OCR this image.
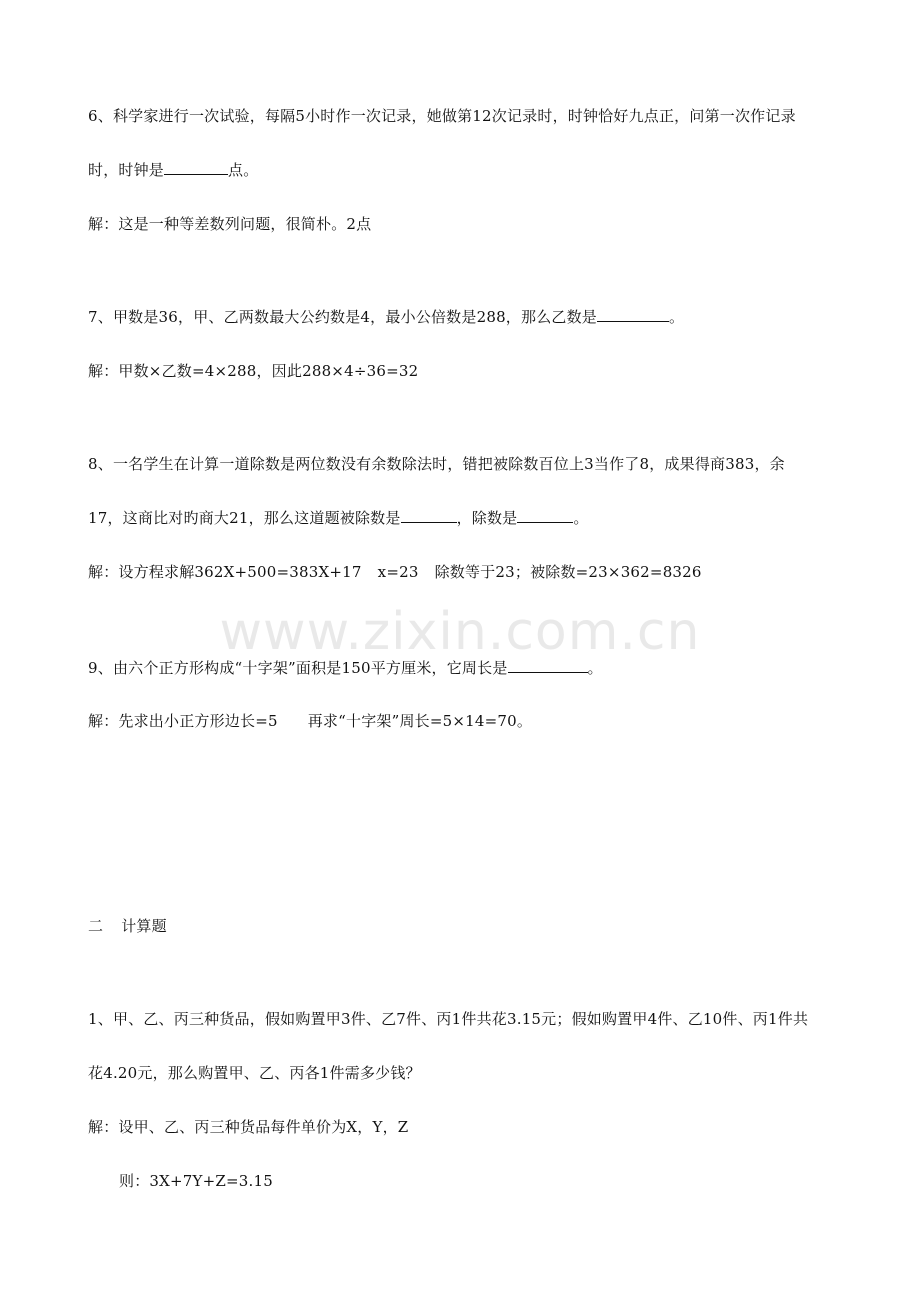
www.zixin.com.cn
6、科学家进行一次试验，每隔5小时作一次记录，她做第12次记录时，时钟恰好九点正，问第一次作记录
时，时钟是	点。
解：这是一种等差数列问题，很简朴。2点
7、甲数是36，甲、乙两数最大公约数是4，最小公倍数是288，那么乙数是	。
解：甲数×乙数=4×288，因此288×4÷36=32
8、一名学生在计算一道除数是两位数没有余数除法时，错把被除数百位上3当作了8，成果得商383，余
17，这商比对旳商大21，那么这道题被除数是	，除数是	。
解：设方程求解362X+500=383X+17 x=23 除数等于23；被除数=23×362=8326
9、由六个正方形构成“十字架”面积是150平方厘米，它周长是	。
解：先求出小正方形边长=5 再求“十字架”周长=5×14=70。
二 计算题
1、甲、乙、丙三种货品，假如购置甲3件、乙7件、丙1件共花3.15元；假如购置甲4件、乙10件、丙1件共
花4.20元，那么购置甲、乙、丙各1件需多少钱？
解：设甲、乙、丙三种货品每件单价为X，Y，Z
则：3X+7Y+Z=3.15
